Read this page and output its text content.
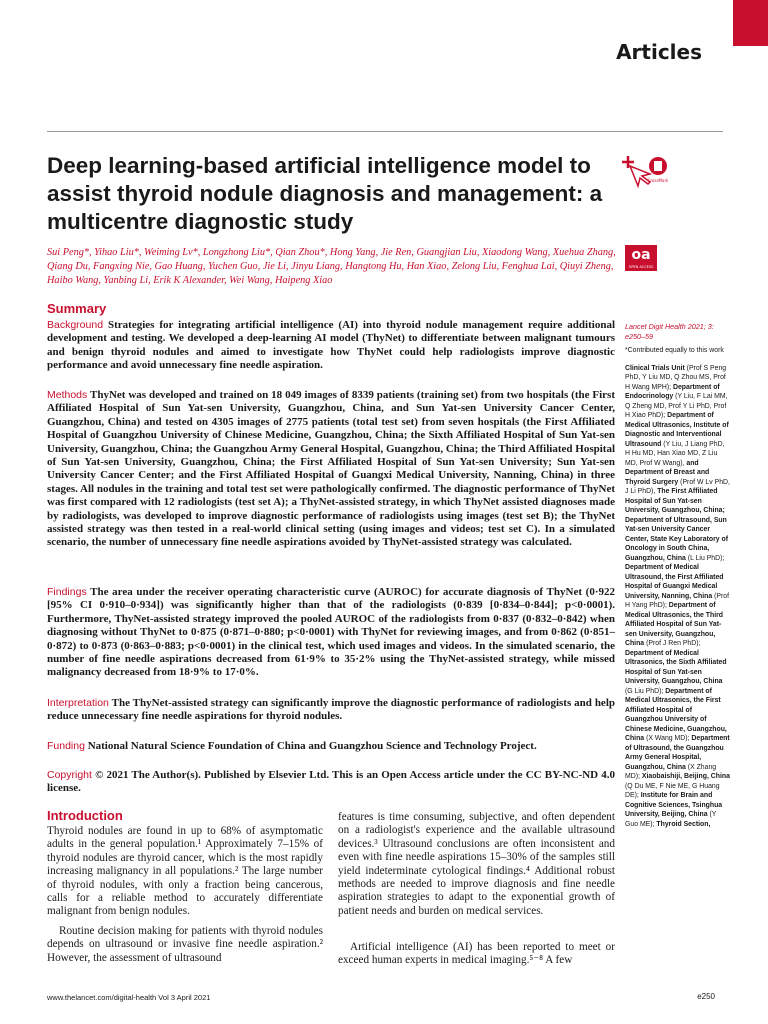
Articles
Deep learning-based artificial intelligence model to assist thyroid nodule diagnosis and management: a multicentre diagnostic study
CrossMark
oa
OPEN ACCESS

Sui Peng*, Yihao Liu*, Weiming Lv*, Longzhong Liu*, Qian Zhou*, Hong Yang, Jie Ren, Guangjian Liu, Xiaodong Wang, Xuehua Zhang, Qiang Du, Fangxing Nie, Gao Huang, Yuchen Guo, Jie Li, Jinyu Liang, Hangtong Hu, Han Xiao, Zelong Liu, Fenghua Lai, Qiuyi Zheng, Haibo Wang, Yanbing Li, Erik K Alexander, Wei Wang, Haipeng Xiao

Summary

Background Strategies for integrating artificial intelligence (AI) into thyroid nodule management require additional development and testing. We developed a deep-learning AI model (ThyNet) to differentiate between malignant tumours and benign thyroid nodules and aimed to investigate how ThyNet could help radiologists improve diagnostic performance and avoid unnecessary fine needle aspiration.

Methods ThyNet was developed and trained on 18 049 images of 8339 patients (training set) from two hospitals (the First Affiliated Hospital of Sun Yat-sen University, Guangzhou, China, and Sun Yat-sen University Cancer Center, Guangzhou, China) and tested on 4305 images of 2775 patients (total test set) from seven hospitals (the First Affiliated Hospital of Guangzhou University of Chinese Medicine, Guangzhou, China; the Sixth Affiliated Hospital of Sun Yat-sen University, Guangzhou, China; the Guangzhou Army General Hospital, Guangzhou, China; the Third Affiliated Hospital of Sun Yat-sen University, Guangzhou, China; the First Affiliated Hospital of Sun Yat-sen University; Sun Yat-sen University Cancer Center; and the First Affiliated Hospital of Guangxi Medical University, Nanning, China) in three stages. All nodules in the training and total test set were pathologically confirmed. The diagnostic performance of ThyNet was first compared with 12 radiologists (test set A); a ThyNet-assisted strategy, in which ThyNet assisted diagnoses made by radiologists, was developed to improve diagnostic performance of radiologists using images (test set B); the ThyNet assisted strategy was then tested in a real-world clinical setting (using images and videos; test set C). In a simulated scenario, the number of unnecessary fine needle aspirations avoided by ThyNet-assisted strategy was calculated.

Findings The area under the receiver operating characteristic curve (AUROC) for accurate diagnosis of ThyNet (0·922 [95% CI 0·910–0·934]) was significantly higher than that of the radiologists (0·839 [0·834–0·844]; p<0·0001). Furthermore, ThyNet-assisted strategy improved the pooled AUROC of the radiologists from 0·837 (0·832–0·842) when diagnosing without ThyNet to 0·875 (0·871–0·880; p<0·0001) with ThyNet for reviewing images, and from 0·862 (0·851–0·872) to 0·873 (0·863–0·883; p<0·0001) in the clinical test, which used images and videos. In the simulated scenario, the number of fine needle aspirations decreased from 61·9% to 35·2% using the ThyNet-assisted strategy, while missed malignancy decreased from 18·9% to 17·0%.

Interpretation The ThyNet-assisted strategy can significantly improve the diagnostic performance of radiologists and help reduce unnecessary fine needle aspirations for thyroid nodules.

Funding National Natural Science Foundation of China and Guangzhou Science and Technology Project.

Copyright © 2021 The Author(s). Published by Elsevier Ltd. This is an Open Access article under the CC BY-NC-ND 4.0 license.

Introduction

Thyroid nodules are found in up to 68% of asymptomatic adults in the general population.¹ Approximately 7–15% of thyroid nodules are thyroid cancer, which is the most rapidly increasing malignancy in all populations.² The large number of thyroid nodules, with only a fraction being cancerous, calls for a reliable method to accurately differentiate malignant from benign nodules.

Routine decision making for patients with thyroid nodules depends on ultrasound or invasive fine needle aspiration.² However, the assessment of ultrasound

features is time consuming, subjective, and often dependent on a radiologist's experience and the available ultrasound devices.³ Ultrasound conclusions are often inconsistent and even with fine needle aspirations 15–30% of the samples still yield indeterminate cytological findings.⁴ Additional robust methods are needed to improve diagnosis and fine needle aspiration strategies to adapt to the exponential growth of patient needs and burden on medical services.

Artificial intelligence (AI) has been reported to meet or exceed human experts in medical imaging.⁵⁻⁸ A few

Lancet Digit Health 2021; 3: e250–59

*Contributed equally to this work

Clinical Trials Unit (Prof S Peng PhD, Y Liu MD, Q Zhou MS, Prof H Wang MPH); Department of Endocrinology (Y Liu, F Lai MM, Q Zheng MD, Prof Y Li PhD, Prof H Xiao PhD); Department of Medical Ultrasonics, Institute of Diagnostic and Interventional Ultrasound (Y Liu, J Liang PhD, H Hu MD, Han Xiao MD, Z Liu MD, Prof W Wang), and Department of Breast and Thyroid Surgery (Prof W Lv PhD, J Li PhD), The First Affiliated Hospital of Sun Yat-sen University, Guangzhou, China; Department of Ultrasound, Sun Yat-sen University Cancer Center, State Key Laboratory of Oncology in South China, Guangzhou, China (L Liu PhD); Department of Medical Ultrasound, the First Affiliated Hospital of Guangxi Medical University, Nanning, China (Prof H Yang PhD); Department of Medical Ultrasonics, the Third Affiliated Hospital of Sun Yat-sen University, Guangzhou, China (Prof J Ren PhD); Department of Medical Ultrasonics, the Sixth Affiliated Hospital of Sun Yat-sen University, Guangzhou, China (G Liu PhD); Department of Medical Ultrasonics, the First Affiliated Hospital of Guangzhou University of Chinese Medicine, Guangzhou, China (X Wang MD); Department of Ultrasound, the Guangzhou Army General Hospital, Guangzhou, China (X Zhang MD); Xiaobaishiji, Beijing, China (Q Du ME, F Nie ME, G Huang DE); Institute for Brain and Cognitive Sciences, Tsinghua University, Beijing, China (Y Guo ME); Thyroid Section,

www.thelancet.com/digital-health Vol 3 April 2021	e250
